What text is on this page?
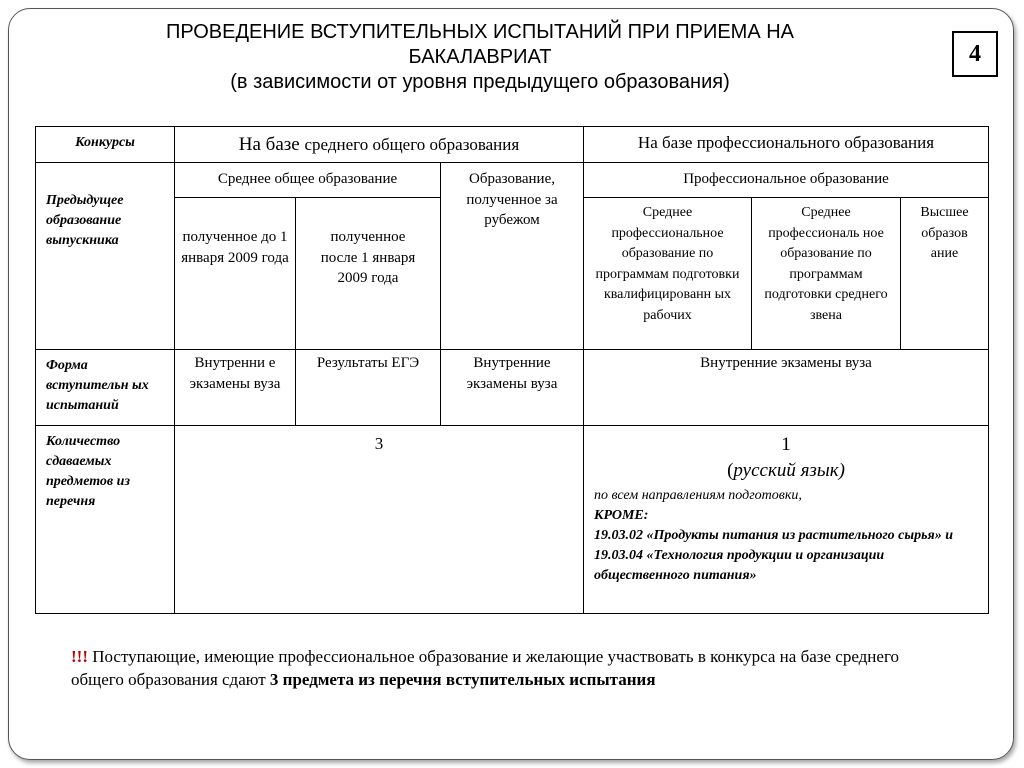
ПРОВЕДЕНИЕ ВСТУПИТЕЛЬНЫХ ИСПЫТАНИЙ ПРИ ПРИЕМА НА
БАКАЛАВРИАТ
(в зависимости от уровня предыдущего образования)
4
Конкурсы	На базе среднего общего образования			На базе профессионального образования		
Предыдущее образование выпускника	Среднее общее образование		Образование, полученное за рубежом	Профессиональное образование		
	полученное до 1 января 2009 года	полученное после 1 января 2009 года		Среднее профессиональное образование по программам подготовки квалифицированн ых рабочих	Среднее профессиональ ное образование по программам подготовки среднего звена	Высшее образов ание
Форма вступительн ых испытаний	Внутренни е экзамены вуза	Результаты ЕГЭ	Внутренние экзамены вуза	Внутренние экзамены вуза		
Количество сдаваемых предметов из перечня	3			1
(русский язык)
по всем направлениям подготовки,
КРОМЕ:
19.03.02 «Продукты питания из растительного сырья» и 19.03.04 «Технология продукции и организации общественного питания»		
!!! Поступающие, имеющие профессиональное образование и желающие участвовать в конкурса на базе среднего общего образования сдают 3 предмета из перечня вступительных испытания
